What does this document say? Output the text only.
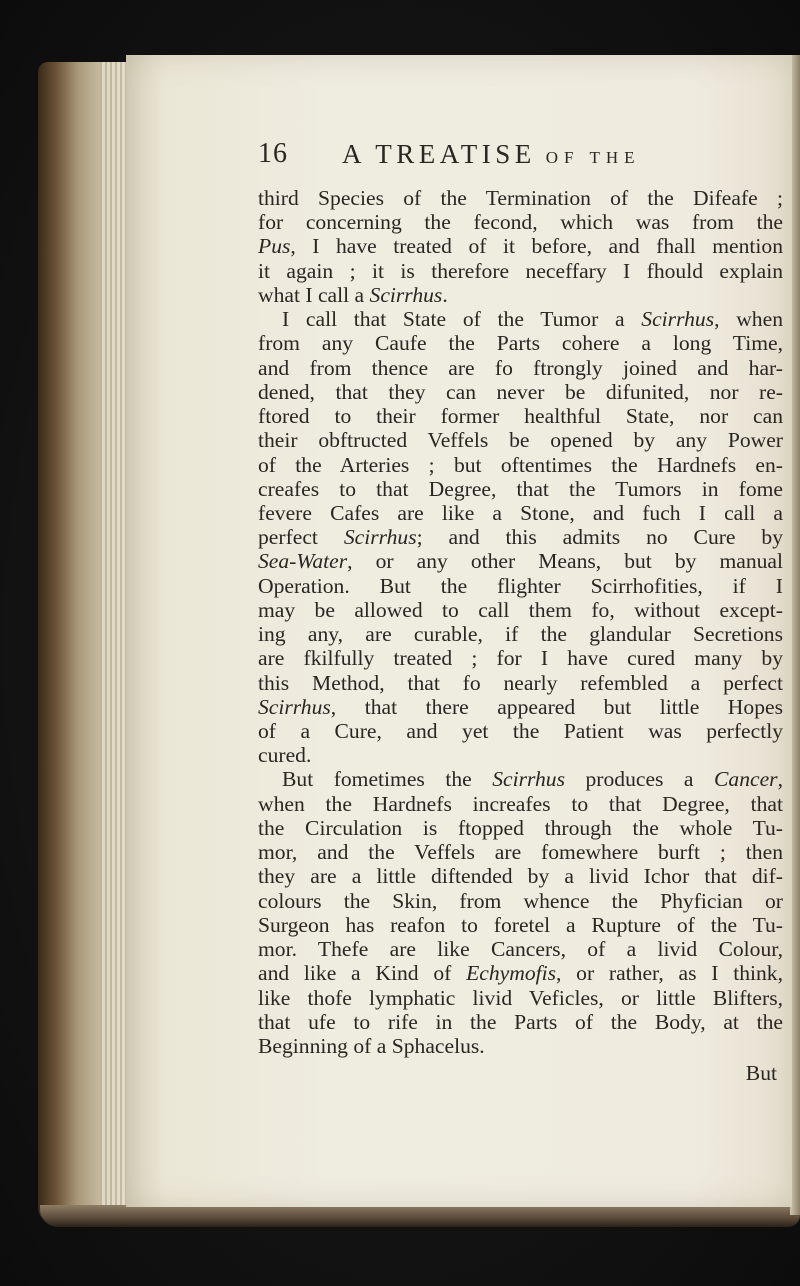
16 A TREATISE OF THE
third Species of the Termination of the Difeafe ;
for concerning the fecond, which was from the
Pus, I have treated of it before, and fhall mention
it again ; it is therefore neceffary I fhould explain
what I call a Scirrhus.
I call that State of the Tumor a Scirrhus, when
from any Caufe the Parts cohere a long Time,
and from thence are fo ftrongly joined and har-
dened, that they can never be difunited, nor re-
ftored to their former healthful State, nor can
their obftructed Veffels be opened by any Power
of the Arteries ; but oftentimes the Hardnefs en-
creafes to that Degree, that the Tumors in fome
fevere Cafes are like a Stone, and fuch I call a
perfect Scirrhus; and this admits no Cure by
Sea-Water, or any other Means, but by manual
Operation. But the flighter Scirrhofities, if I
may be allowed to call them fo, without except-
ing any, are curable, if the glandular Secretions
are fkilfully treated ; for I have cured many by
this Method, that fo nearly refembled a perfect
Scirrhus, that there appeared but little Hopes
of a Cure, and yet the Patient was perfectly
cured.
But fometimes the Scirrhus produces a Cancer,
when the Hardnefs increafes to that Degree, that
the Circulation is ftopped through the whole Tu-
mor, and the Veffels are fomewhere burft ; then
they are a little diftended by a livid Ichor that dif-
colours the Skin, from whence the Phyfician or
Surgeon has reafon to foretel a Rupture of the Tu-
mor. Thefe are like Cancers, of a livid Colour,
and like a Kind of Echymofis, or rather, as I think,
like thofe lymphatic livid Veficles, or little Blifters,
that ufe to rife in the Parts of the Body, at the
Beginning of a Sphacelus.
But
